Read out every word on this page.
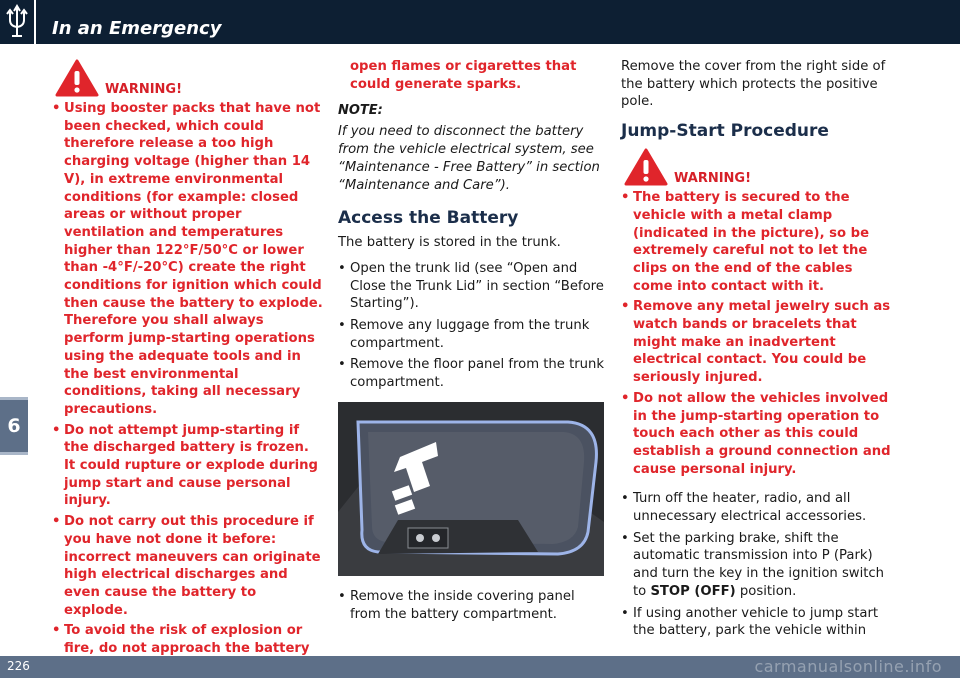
In an Emergency
6
WARNING!
• Using booster packs that have not been checked, which could therefore release a too high charging voltage (higher than 14 V), in extreme environmental conditions (for example: closed areas or without proper ventilation and temperatures higher than 122°F/50°C or lower than -4°F/-20°C) create the right conditions for ignition which could then cause the battery to explode. Therefore you shall always perform jump-starting operations using the adequate tools and in the best environmental conditions, taking all necessary precautions.
• Do not attempt jump-starting if the discharged battery is frozen. It could rupture or explode during jump start and cause personal injury.
• Do not carry out this procedure if you have not done it before: incorrect maneuvers can originate high electrical discharges and even cause the battery to explode.
• To avoid the risk of explosion or fire, do not approach the battery
open flames or cigarettes that could generate sparks.
NOTE:
If you need to disconnect the battery from the vehicle electrical system, see “Maintenance - Free Battery” in section “Maintenance and Care”).
Access the Battery
The battery is stored in the trunk.
• Open the trunk lid (see “Open and Close the Trunk Lid” in section “Before Starting”).
• Remove any luggage from the trunk compartment.
• Remove the floor panel from the trunk compartment.
• Remove the inside covering panel from the battery compartment.
Remove the cover from the right side of the battery which protects the positive pole.
Jump-Start Procedure
WARNING!
• The battery is secured to the vehicle with a metal clamp (indicated in the picture), so be extremely careful not to let the clips on the end of the cables come into contact with it.
• Remove any metal jewelry such as watch bands or bracelets that might make an inadvertent electrical contact. You could be seriously injured.
• Do not allow the vehicles involved in the jump-starting operation to touch each other as this could establish a ground connection and cause personal injury.
• Turn off the heater, radio, and all unnecessary electrical accessories.
• Set the parking brake, shift the automatic transmission into P (Park) and turn the key in the ignition switch to STOP (OFF) position.
• If using another vehicle to jump start the battery, park the vehicle within
226	carmanualsonline.info
